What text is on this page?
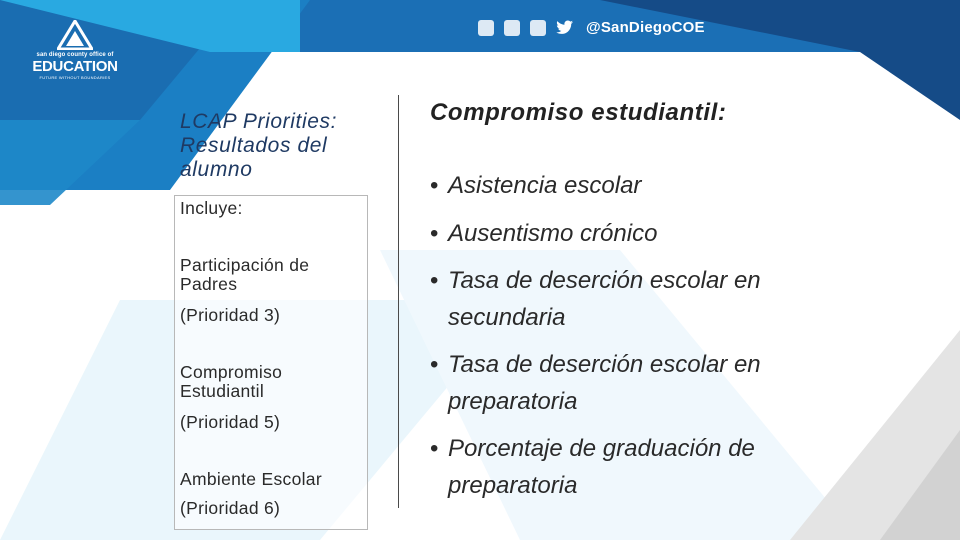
san diego county office of
EDUCATION
FUTURE WITHOUT BOUNDARIES
@SanDiegoCOE
LCAP Priorities: Resultados del alumno

Incluye:

Participación de Padres

(Prioridad 3)

Compromiso Estudiantil

(Prioridad 5)

Ambiente Escolar

(Prioridad 6)

Compromiso estudiantil:
• Asistencia escolar
• Ausentismo crónico
• Tasa de deserción escolar en secundaria
• Tasa de deserción escolar en preparatoria
• Porcentaje de graduación de preparatoria
